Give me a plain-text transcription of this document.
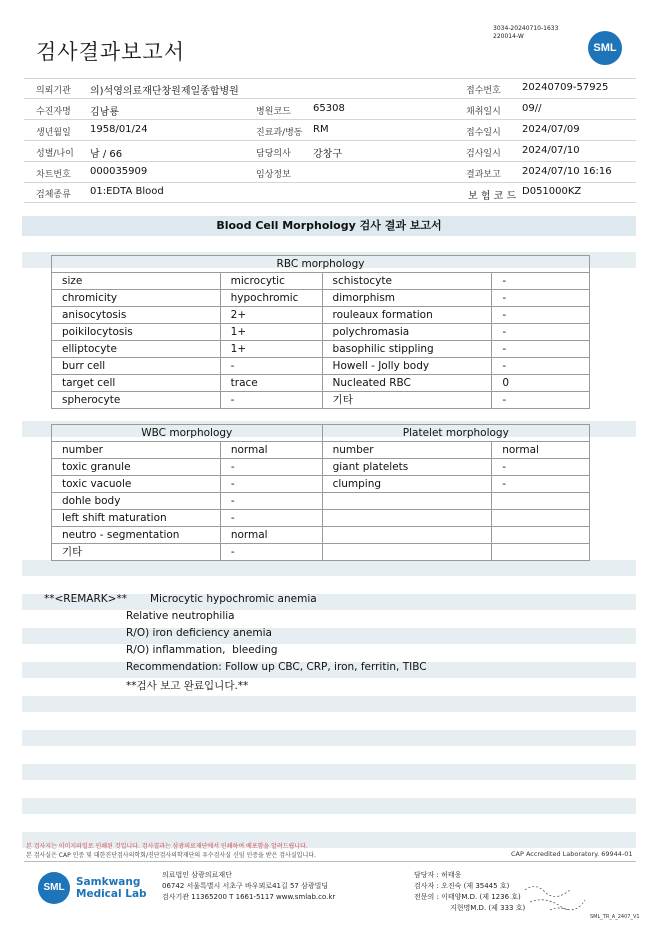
검사결과보고서
3034-20240710-1633
220014-W
SML
의뢰기관 의)석영의료재단창원제일종합병원	접수번호 20240709-57925
수진자명 김남룡	병원코드 65308	채취일시 09//
생년월일 1958/01/24	진료과/병동 RM	접수일시 2024/07/09
성별/나이 남 / 66	담당의사 강창구	검사일시 2024/07/10
차트번호 000035909	임상정보	결과보고 2024/07/10 16:16
검체종류 01:EDTA Blood	보 험 코 드 D051000KZ
Blood Cell Morphology 검사 결과 보고서
RBC morphology			
size	microcytic	schistocyte	-
chromicity	hypochromic	dimorphism	-
anisocytosis	2+	rouleaux formation	-
poikilocytosis	1+	polychromasia	-
elliptocyte	1+	basophilic stippling	-
burr cell	-	Howell - Jolly body	-
target cell	trace	Nucleated RBC	0
spherocyte	-	기타	-
WBC morphology		Platelet morphology	
number	normal	number	normal
toxic granule	-	giant platelets	-
toxic vacuole	-	clumping	-
dohle body	-		
left shift maturation	-		
neutro - segmentation	normal		
기타	-		
**<REMARK>** Microcytic hypochromic anemia
Relative neutrophilia
R/O) iron deficiency anemia
R/O) inflammation,  bleeding
Recommendation: Follow up CBC, CRP, iron, ferritin, TIBC
**검사 보고 완료입니다.**
본 검사지는 이미지파일로 인쇄된 것입니다. 검사결과는 삼광의료재단에서 인쇄하여 배포함을 알려드립니다.
본 검사실은 CAP 인증 및 대한진단검사의학회/진단검사의학재단의 우수검사실 신임 인증을 받은 검사실입니다.	CAP Accredited Laboratory. 69944-01
SML	Samkwang
Medical Lab
의료법인 삼광의료재단
06742 서울특별시 서초구 바우뫼로41길 57 삼광빌딩
검사기관 11365200 T 1661-5117 www.smlab.co.kr
담당자 : 허태웅
검사자 : 오진숙 (제 35445 호)
전문의 : 이태양M.D. (제 1236 호)
지현명M.D. (제 333 호)
SML_TR_A_2407_V1
